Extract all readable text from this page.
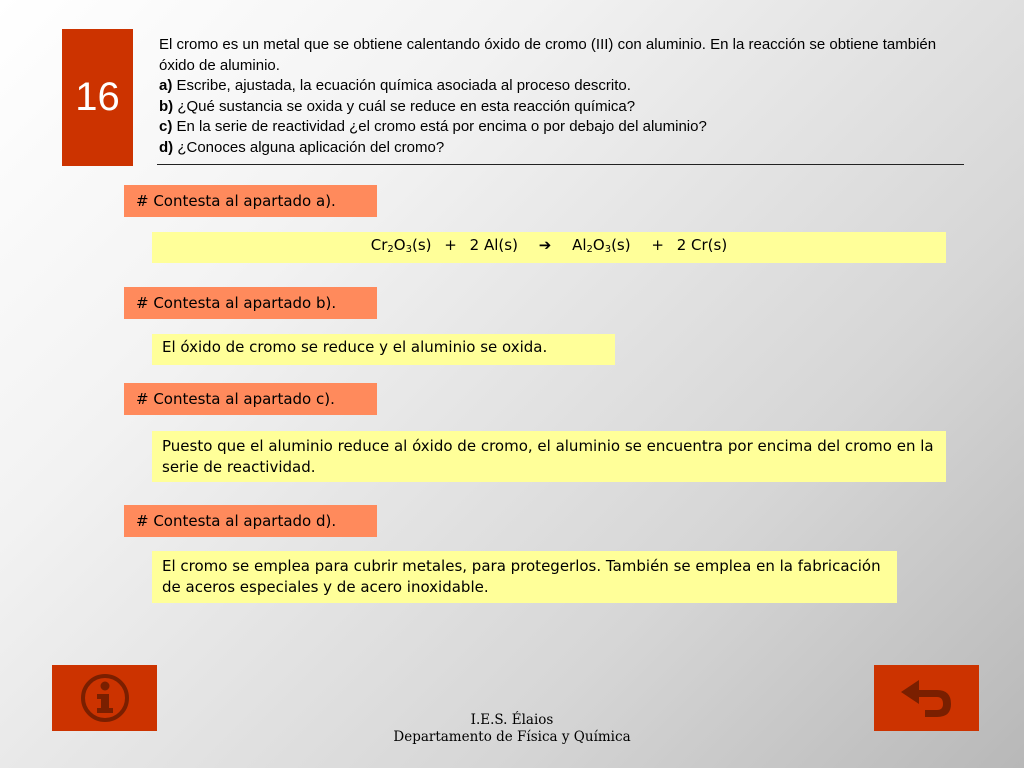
16

El cromo es un metal que se obtiene calentando óxido de cromo (III) con aluminio. En la reacción se obtiene también óxido de aluminio.

a) Escribe, ajustada, la ecuación química asociada al proceso descrito.

b) ¿Qué sustancia se oxida y cuál se reduce en esta reacción química?

c) En la serie de reactividad ¿el cromo está por encima o por debajo del aluminio?

d) ¿Conoces alguna aplicación del cromo?

# Contesta al apartado a).
$Cr_2O_3(s) + 2$ Al(s) ➔ $Al_2O_3(s) + 2$ Cr(s)
# Contesta al apartado b).
El óxido de cromo se reduce y el aluminio se oxida.
# Contesta al apartado c).
Puesto que el aluminio reduce al óxido de cromo, el aluminio se encuentra por encima del cromo en la serie de reactividad.
# Contesta al apartado d).
El cromo se emplea para cubrir metales, para protegerlos. También se emplea en la fabricación de aceros especiales y de acero inoxidable.
I.E.S. Élaios
Departamento de Física y Química
